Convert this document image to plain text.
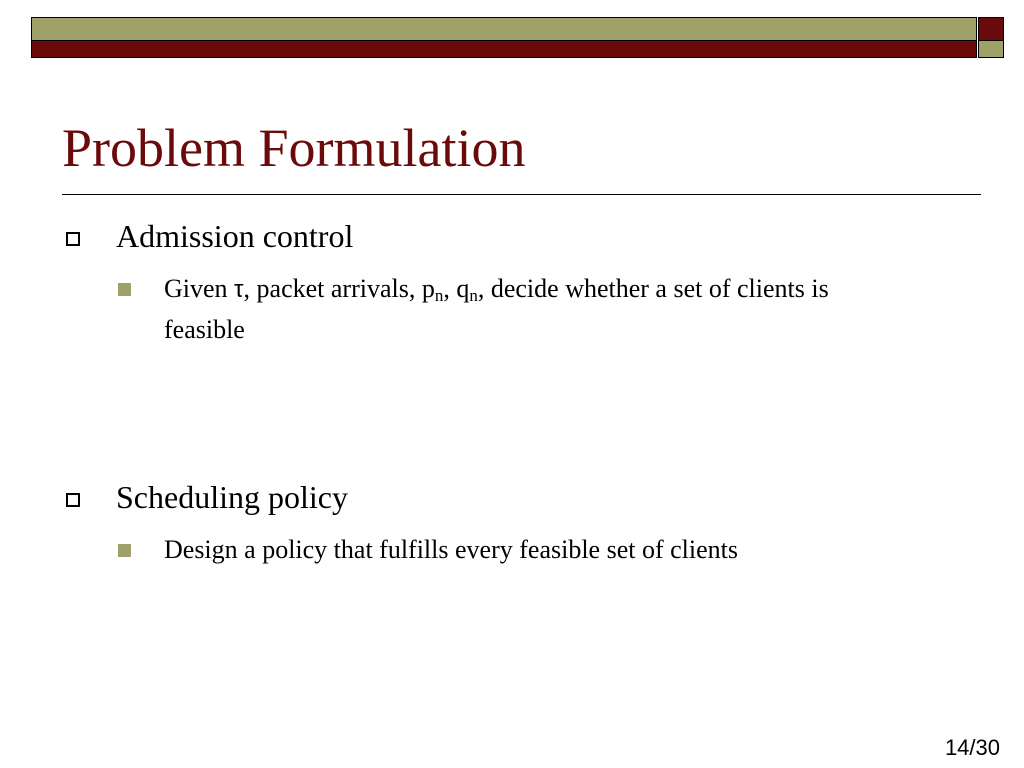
Problem Formulation
Admission control
Given τ, packet arrivals, $p_n$, $q_n$, decide whether a set of clients is feasible
Scheduling policy
Design a policy that fulfills every feasible set of clients
14/30
